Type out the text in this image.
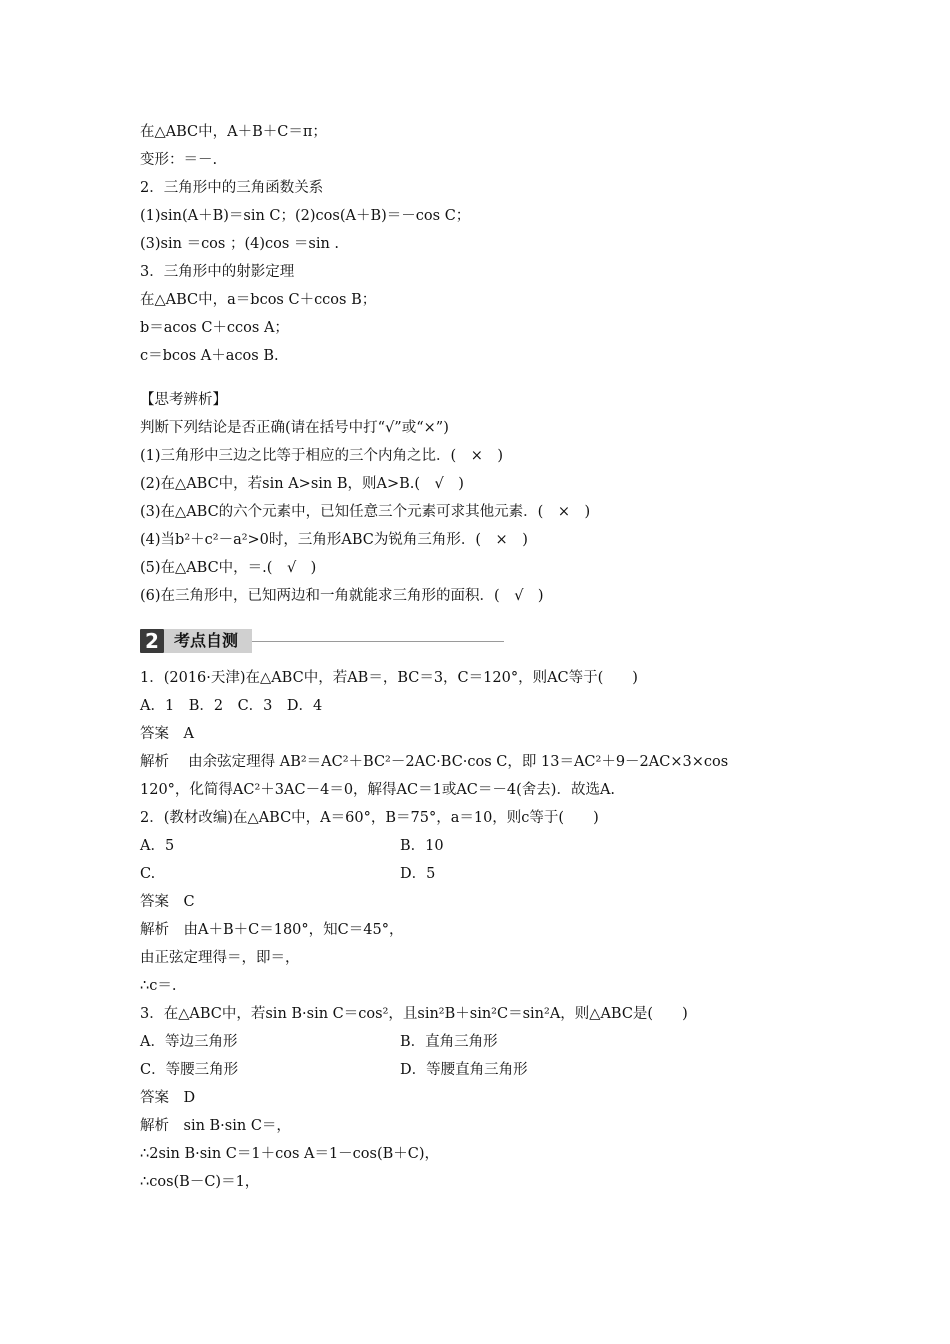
在△ABC中，A＋B＋C＝π；
变形：＝－.
2．三角形中的三角函数关系
(1)sin(A＋B)＝sin C；(2)cos(A＋B)＝－cos C；
(3)sin ＝cos ；(4)cos ＝sin .
3．三角形中的射影定理
在△ABC中，a＝bcos C＋ccos B；
b＝acos C＋ccos A；
c＝bcos A＋acos B.
【思考辨析】
判断下列结论是否正确(请在括号中打“√”或“×”)
(1)三角形中三边之比等于相应的三个内角之比．(　×　)
(2)在△ABC中，若sin A>sin B，则A>B.(　√　)
(3)在△ABC的六个元素中，已知任意三个元素可求其他元素．(　×　)
(4)当b²＋c²－a²>0时，三角形ABC为锐角三角形．(　×　)
(5)在△ABC中，＝.(　√　)
(6)在三角形中，已知两边和一角就能求三角形的面积．(　√　)
2 考点自测
1．(2016·天津)在△ABC中，若AB＝，BC＝3，C＝120°，则AC等于(　　)
A．1　B．2　C．3　D．4
答案　A
解析　 由余弦定理得 AB²＝AC²＋BC²－2AC·BC·cos C，即 13＝AC²＋9－2AC×3×cos
120°，化简得AC²＋3AC－4＝0，解得AC＝1或AC＝－4(舍去)．故选A.
2．(教材改编)在△ABC中，A＝60°，B＝75°，a＝10，则c等于(　　)
A．5	B．10
C.	D．5
答案　C
解析　由A＋B＋C＝180°，知C＝45°，
由正弦定理得＝，即＝，
∴c＝.
3．在△ABC中，若sin B·sin C＝cos²，且sin²B＋sin²C＝sin²A，则△ABC是(　　)
A．等边三角形	B．直角三角形
C．等腰三角形	D．等腰直角三角形
答案　D
解析　sin B·sin C＝，
∴2sin B·sin C＝1＋cos A＝1－cos(B＋C)，
∴cos(B－C)＝1，
